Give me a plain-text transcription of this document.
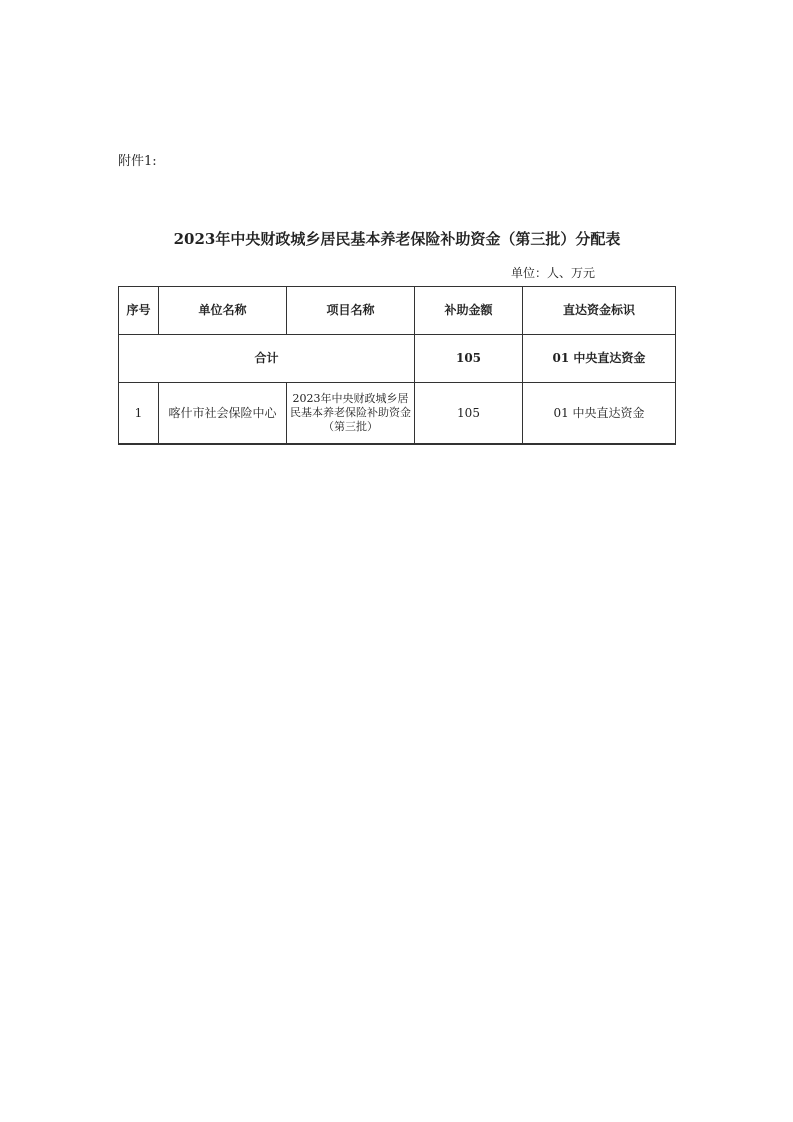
附件1:
2023年中央财政城乡居民基本养老保险补助资金（第三批）分配表
单位：人、万元
序号	单位名称	项目名称	补助金额	直达资金标识
合计			105	01 中央直达资金
1	喀什市社会保险中心	2023年中央财政城乡居民基本养老保险补助资金（第三批）	105	01 中央直达资金
